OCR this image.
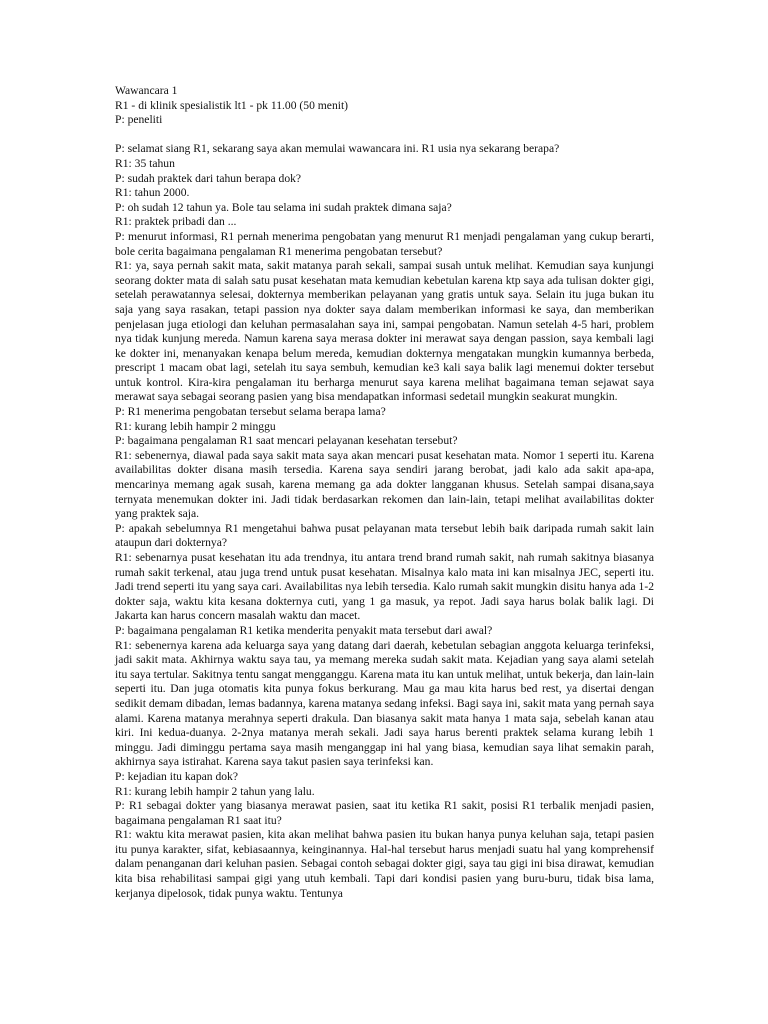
Wawancara 1

R1 - di klinik spesialistik lt1 - pk 11.00 (50 menit)

P: peneliti

P: selamat siang R1, sekarang saya akan memulai wawancara ini. R1 usia nya sekarang berapa?

R1: 35 tahun

P: sudah praktek dari tahun berapa dok?

R1: tahun 2000.

P: oh sudah 12 tahun ya. Bole tau selama ini sudah praktek dimana saja?

R1: praktek pribadi dan ...

P: menurut informasi, R1 pernah menerima pengobatan yang menurut R1 menjadi pengalaman yang cukup berarti, bole cerita bagaimana pengalaman R1 menerima pengobatan tersebut?

R1: ya, saya pernah sakit mata, sakit matanya parah sekali, sampai susah untuk melihat. Kemudian saya kunjungi seorang dokter mata di salah satu pusat kesehatan mata kemudian kebetulan karena ktp saya ada tulisan dokter gigi, setelah perawatannya selesai, dokternya memberikan pelayanan yang gratis untuk saya. Selain itu juga bukan itu saja yang saya rasakan, tetapi passion nya dokter saya dalam memberikan informasi ke saya, dan memberikan penjelasan juga etiologi dan keluhan permasalahan saya ini, sampai pengobatan. Namun setelah 4-5 hari, problem nya tidak kunjung mereda. Namun karena saya merasa dokter ini merawat saya dengan passion, saya kembali lagi ke dokter ini, menanyakan kenapa belum mereda, kemudian dokternya mengatakan mungkin kumannya berbeda, prescript 1 macam obat lagi, setelah itu saya sembuh, kemudian ke3 kali saya balik lagi menemui dokter tersebut untuk kontrol. Kira-kira pengalaman itu berharga menurut saya karena melihat bagaimana teman sejawat saya merawat saya sebagai seorang pasien yang bisa mendapatkan informasi sedetail mungkin seakurat mungkin.

P: R1 menerima pengobatan tersebut selama berapa lama?

R1: kurang lebih hampir 2 minggu

P: bagaimana pengalaman R1 saat mencari pelayanan kesehatan tersebut?

R1: sebenernya, diawal pada saya sakit mata saya akan mencari pusat kesehatan mata. Nomor 1 seperti itu. Karena availabilitas dokter disana masih tersedia. Karena saya sendiri jarang berobat, jadi kalo ada sakit apa-apa, mencarinya memang agak susah, karena memang ga ada dokter langganan khusus. Setelah sampai disana,saya ternyata menemukan dokter ini. Jadi tidak berdasarkan rekomen dan lain-lain, tetapi melihat availabilitas dokter yang praktek saja.

P: apakah sebelumnya R1 mengetahui bahwa pusat pelayanan mata tersebut lebih baik daripada rumah sakit lain ataupun dari dokternya?

R1: sebenarnya pusat kesehatan itu ada trendnya, itu antara trend brand rumah sakit, nah rumah sakitnya biasanya rumah sakit terkenal, atau juga trend untuk pusat kesehatan. Misalnya kalo mata ini kan misalnya JEC, seperti itu. Jadi trend seperti itu yang saya cari. Availabilitas nya lebih tersedia. Kalo rumah sakit mungkin disitu hanya ada 1-2 dokter saja, waktu kita kesana dokternya cuti, yang 1 ga masuk, ya repot. Jadi saya harus bolak balik lagi. Di Jakarta kan harus concern masalah waktu dan macet.

P: bagaimana pengalaman R1 ketika menderita penyakit mata tersebut dari awal?

R1: sebenernya karena ada keluarga saya yang datang dari daerah, kebetulan sebagian anggota keluarga terinfeksi, jadi sakit mata. Akhirnya waktu saya tau, ya memang mereka sudah sakit mata. Kejadian yang saya alami setelah itu saya tertular. Sakitnya tentu sangat mengganggu. Karena mata itu kan untuk melihat, untuk bekerja, dan lain-lain seperti itu. Dan juga otomatis kita punya fokus berkurang. Mau ga mau kita harus bed rest, ya disertai dengan sedikit demam dibadan, lemas badannya, karena matanya sedang infeksi. Bagi saya ini, sakit mata yang pernah saya alami. Karena matanya merahnya seperti drakula. Dan biasanya sakit mata hanya 1 mata saja, sebelah kanan atau kiri. Ini kedua-duanya. 2-2nya matanya merah sekali. Jadi saya harus berenti praktek selama kurang lebih 1 minggu. Jadi diminggu pertama saya masih menganggap ini hal yang biasa, kemudian saya lihat semakin parah, akhirnya saya istirahat. Karena saya takut pasien saya terinfeksi kan.

P: kejadian itu kapan dok?

R1: kurang lebih hampir 2 tahun yang lalu.

P: R1 sebagai dokter yang biasanya merawat pasien, saat itu ketika R1 sakit, posisi R1 terbalik menjadi pasien, bagaimana pengalaman R1 saat itu?

R1: waktu kita merawat pasien, kita akan melihat bahwa pasien itu bukan hanya punya keluhan saja, tetapi pasien itu punya karakter, sifat, kebiasaannya, keinginannya. Hal-hal tersebut harus menjadi suatu hal yang komprehensif dalam penanganan dari keluhan pasien. Sebagai contoh sebagai dokter gigi, saya tau gigi ini bisa dirawat, kemudian kita bisa rehabilitasi sampai gigi yang utuh kembali. Tapi dari kondisi pasien yang buru-buru, tidak bisa lama, kerjanya dipelosok, tidak punya waktu. Tentunya
